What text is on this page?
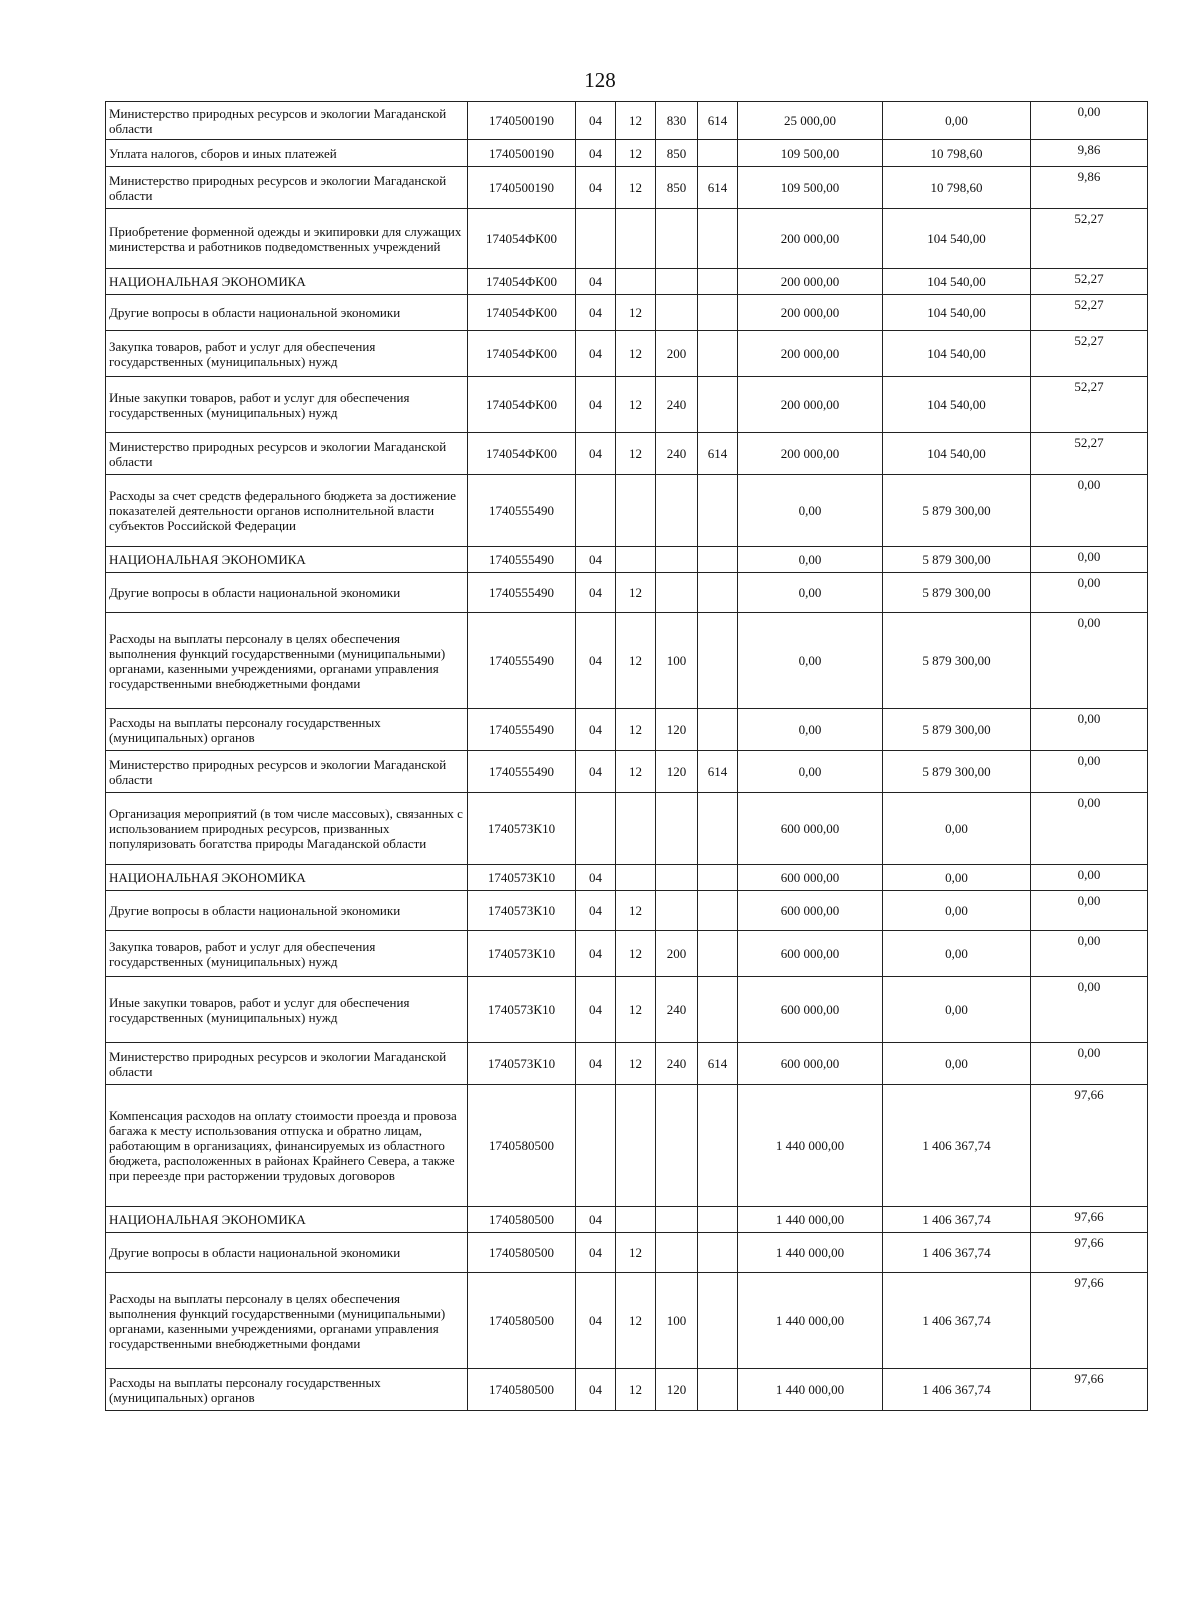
128
Министерство природных ресурсов и экологии Магаданской области	1740500190	04	12	830	614	25 000,00	0,00	0,00
Уплата налогов, сборов и иных платежей	1740500190	04	12	850		109 500,00	10 798,60	9,86
Министерство природных ресурсов и экологии Магаданской области	1740500190	04	12	850	614	109 500,00	10 798,60	9,86
Приобретение форменной одежды и экипировки для служащих министерства и работников подведомственных учреждений	174054ФК00					200 000,00	104 540,00	52,27
НАЦИОНАЛЬНАЯ ЭКОНОМИКА	174054ФК00	04				200 000,00	104 540,00	52,27
Другие вопросы в области национальной экономики	174054ФК00	04	12			200 000,00	104 540,00	52,27
Закупка товаров, работ и услуг для обеспечения государственных (муниципальных) нужд	174054ФК00	04	12	200		200 000,00	104 540,00	52,27
Иные закупки товаров, работ и услуг для обеспечения государственных (муниципальных) нужд	174054ФК00	04	12	240		200 000,00	104 540,00	52,27
Министерство природных ресурсов и экологии Магаданской области	174054ФК00	04	12	240	614	200 000,00	104 540,00	52,27
Расходы за счет средств федерального бюджета за достижение показателей деятельности органов исполнительной власти субъектов Российской Федерации	1740555490					0,00	5 879 300,00	0,00
НАЦИОНАЛЬНАЯ ЭКОНОМИКА	1740555490	04				0,00	5 879 300,00	0,00
Другие вопросы в области национальной экономики	1740555490	04	12			0,00	5 879 300,00	0,00
Расходы на выплаты персоналу в целях обеспечения выполнения функций государственными (муниципальными) органами, казенными учреждениями, органами управления государственными внебюджетными фондами	1740555490	04	12	100		0,00	5 879 300,00	0,00
Расходы на выплаты персоналу государственных (муниципальных) органов	1740555490	04	12	120		0,00	5 879 300,00	0,00
Министерство природных ресурсов и экологии Магаданской области	1740555490	04	12	120	614	0,00	5 879 300,00	0,00
Организация мероприятий (в том числе массовых), связанных с использованием природных ресурсов, призванных популяризовать богатства природы Магаданской области	174057ЗК10					600 000,00	0,00	0,00
НАЦИОНАЛЬНАЯ ЭКОНОМИКА	174057ЗК10	04				600 000,00	0,00	0,00
Другие вопросы в области национальной экономики	174057ЗК10	04	12			600 000,00	0,00	0,00
Закупка товаров, работ и услуг для обеспечения государственных (муниципальных) нужд	174057ЗК10	04	12	200		600 000,00	0,00	0,00
Иные закупки товаров, работ и услуг для обеспечения государственных (муниципальных) нужд	174057ЗК10	04	12	240		600 000,00	0,00	0,00
Министерство природных ресурсов и экологии Магаданской области	174057ЗК10	04	12	240	614	600 000,00	0,00	0,00
Компенсация расходов на оплату стоимости проезда и провоза багажа к месту использования отпуска и обратно лицам, работающим в организациях, финансируемых из областного бюджета, расположенных в районах Крайнего Севера, а также при переезде при расторжении трудовых договоров	1740580500					1 440 000,00	1 406 367,74	97,66
НАЦИОНАЛЬНАЯ ЭКОНОМИКА	1740580500	04				1 440 000,00	1 406 367,74	97,66
Другие вопросы в области национальной экономики	1740580500	04	12			1 440 000,00	1 406 367,74	97,66
Расходы на выплаты персоналу в целях обеспечения выполнения функций государственными (муниципальными) органами, казенными учреждениями, органами управления государственными внебюджетными фондами	1740580500	04	12	100		1 440 000,00	1 406 367,74	97,66
Расходы на выплаты персоналу государственных (муниципальных) органов	1740580500	04	12	120		1 440 000,00	1 406 367,74	97,66
